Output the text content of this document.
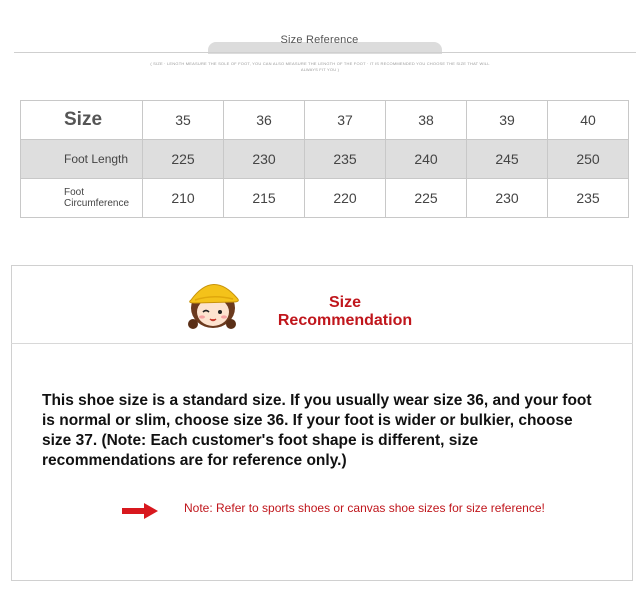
Size Reference
( SIZE · LENGTH MEASURE THE SOLE OF FOOT, YOU CAN ALSO MEASURE THE LENGTH OF THE FOOT · IT IS RECOMMENDED YOU CHOOSE THE SIZE THAT WILL ALWAYS FIT YOU )
Size	35	36	37	38	39	40
Foot Length	225	230	235	240	245	250
Foot
Circumference	210	215	220	225	230	235
Size
Recommendation
This shoe size is a standard size. If you usually wear size 36, and your foot is normal or slim, choose size 36. If your foot is wider or bulkier, choose size 37. (Note: Each customer's foot shape is different, size recommendations are for reference only.)
Note: Refer to sports shoes or canvas shoe sizes for size reference!
